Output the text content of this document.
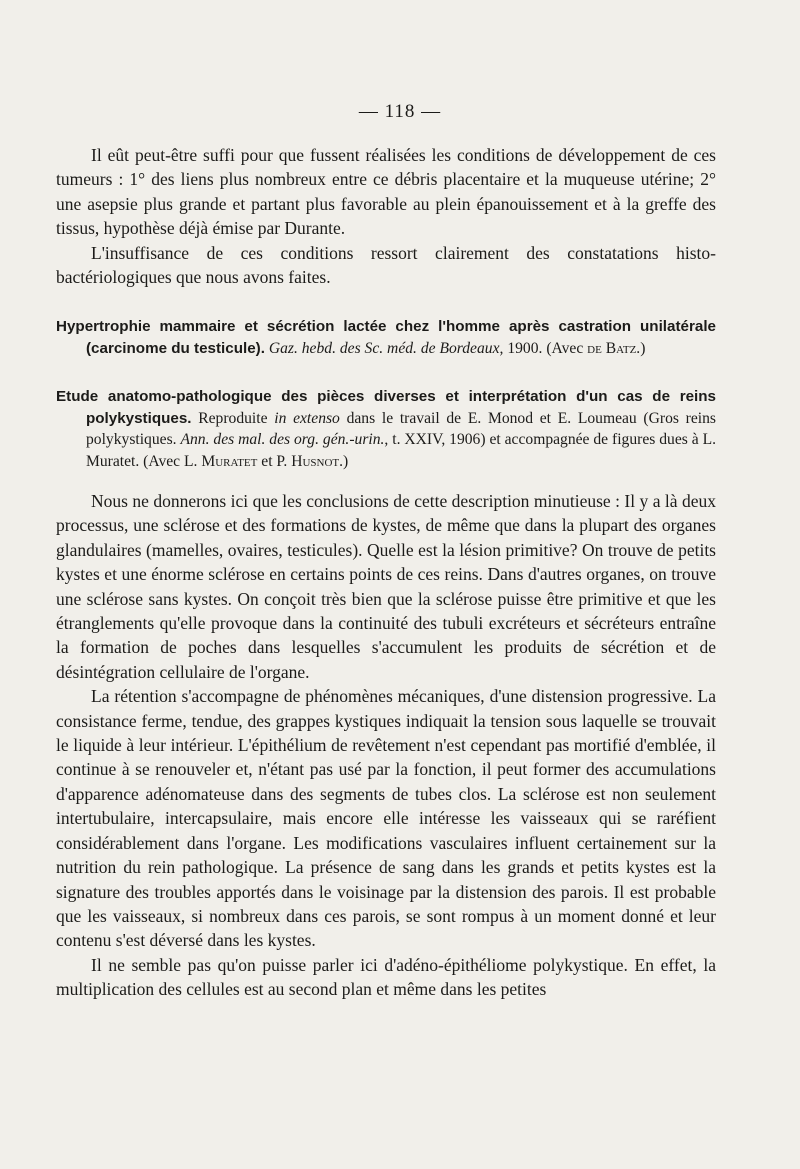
— 118 —

Il eût peut-être suffi pour que fussent réalisées les conditions de développement de ces tumeurs : 1° des liens plus nombreux entre ce débris placentaire et la muqueuse utérine; 2° une asepsie plus grande et partant plus favorable au plein épanouissement et à la greffe des tissus, hypothèse déjà émise par Durante.

L'insuffisance de ces conditions ressort clairement des constatations histo-bactériologiques que nous avons faites.

Hypertrophie mammaire et sécrétion lactée chez l'homme après castration unilatérale (carcinome du testicule). Gaz. hebd. des Sc. méd. de Bordeaux, 1900. (Avec de Batz.)

Etude anatomo-pathologique des pièces diverses et interprétation d'un cas de reins polykystiques. Reproduite in extenso dans le travail de E. Monod et E. Loumeau (Gros reins polykystiques. Ann. des mal. des org. gén.-urin., t. XXIV, 1906) et accompagnée de figures dues à L. Muratet. (Avec L. Muratet et P. Husnot.)

Nous ne donnerons ici que les conclusions de cette description minutieuse : Il y a là deux processus, une sclérose et des formations de kystes, de même que dans la plupart des organes glandulaires (mamelles, ovaires, testicules). Quelle est la lésion primitive? On trouve de petits kystes et une énorme sclérose en certains points de ces reins. Dans d'autres organes, on trouve une sclérose sans kystes. On conçoit très bien que la sclérose puisse être primitive et que les étranglements qu'elle provoque dans la continuité des tubuli excréteurs et sécréteurs entraîne la formation de poches dans lesquelles s'accumulent les produits de sécrétion et de désintégration cellulaire de l'organe.

La rétention s'accompagne de phénomènes mécaniques, d'une distension progressive. La consistance ferme, tendue, des grappes kystiques indiquait la tension sous laquelle se trouvait le liquide à leur intérieur. L'épithélium de revêtement n'est cependant pas mortifié d'emblée, il continue à se renouveler et, n'étant pas usé par la fonction, il peut former des accumulations d'apparence adénomateuse dans des segments de tubes clos. La sclérose est non seulement intertubulaire, intercapsulaire, mais encore elle intéresse les vaisseaux qui se raréfient considérablement dans l'organe. Les modifications vasculaires influent certainement sur la nutrition du rein pathologique. La présence de sang dans les grands et petits kystes est la signature des troubles apportés dans le voisinage par la distension des parois. Il est probable que les vaisseaux, si nombreux dans ces parois, se sont rompus à un moment donné et leur contenu s'est déversé dans les kystes.

Il ne semble pas qu'on puisse parler ici d'adéno-épithéliome polykystique. En effet, la multiplication des cellules est au second plan et même dans les petites
